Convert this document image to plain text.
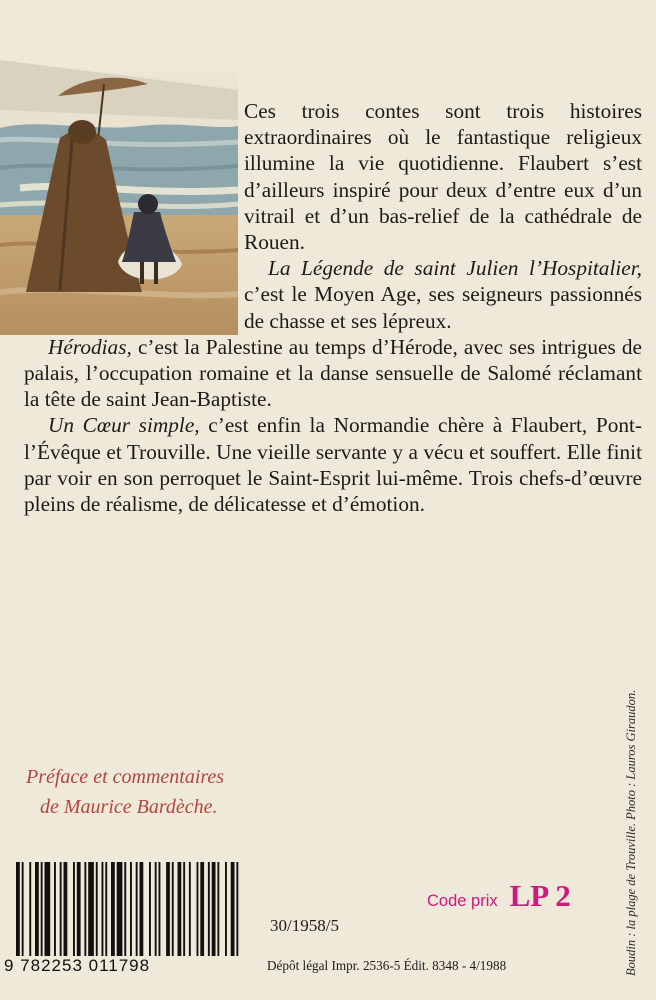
Ces trois contes sont trois histoires extraordinaires où le fantastique religieux illumine la vie quotidienne. Flaubert s’est d’ailleurs inspiré pour deux d’entre eux d’un vitrail et d’un bas-relief de la cathédrale de Rouen.

La Légende de saint Julien l’Hospitalier, c’est le Moyen Age, ses seigneurs passionnés de chasse et ses lépreux.

Hérodias, c’est la Palestine au temps d’Hérode, avec ses intrigues de palais, l’occupation romaine et la danse sensuelle de Salomé réclamant la tête de saint Jean-Baptiste.

Un Cœur simple, c’est enfin la Normandie chère à Flaubert, Pont-l’Évêque et Trouville. Une vieille servante y a vécu et souffert. Elle finit par voir en son perroquet le Saint-Esprit lui-même. Trois chefs-d’œuvre pleins de réalisme, de délicatesse et d’émotion.

Préface et commentaires
de Maurice Bardèche.
Code prix LP 2
30/1958/5
9 782253 011798	Dépôt légal Impr. 2536-5 Édit. 8348 - 4/1988	Boudin : la plage de Trouville. Photo : Lauros Giraudon.
